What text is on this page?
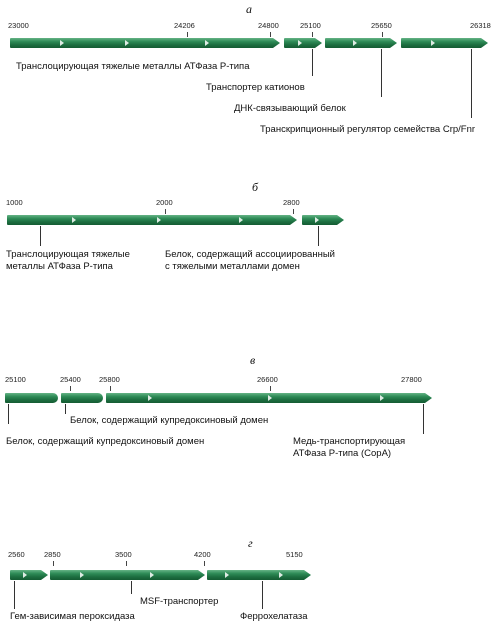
а
23000	24206	24800	25100	25650	26318
Транслоцирующая тяжелые металлы АТФаза P-типа
Транспортер катионов
ДНК-связывающий белок
Транскрипционный регулятор семейства Crp/Fnr
б
1000	2000	2800
Транслоцирующая тяжелые
металлы АТФаза P-типа
Белок, содержащий ассоциированный
с тяжелыми металлами домен
в
25100	25400 25800	26600	27800
Белок, содержащий купредоксиновый домен
Белок, содержащий купредоксиновый домен	Медь-транспортирующая
АТФаза P-типа (CopA)
г
2560	2850	3500	4200	5150
MSF-транспортер
Гем-зависимая пероксидаза	Феррохелатаза
